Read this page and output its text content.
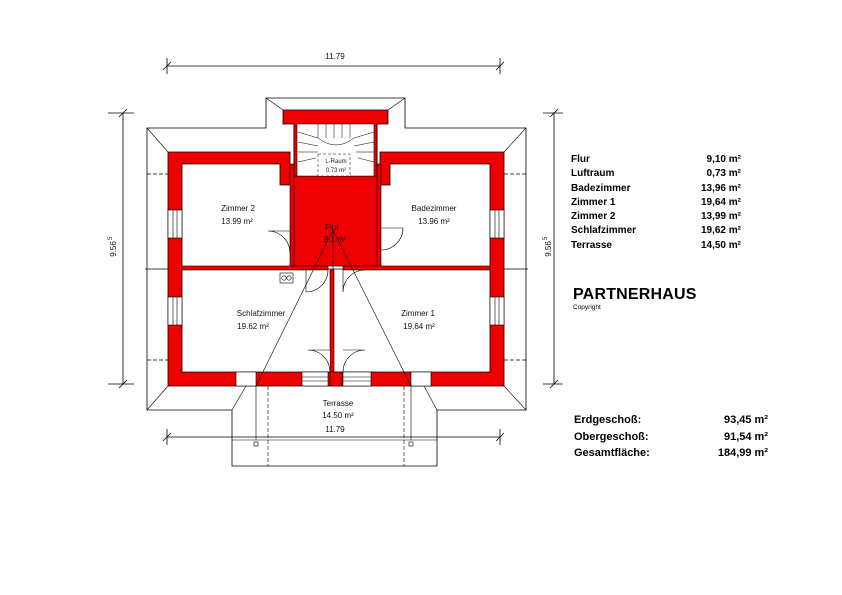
11.79
11.79
9.56
5
9.56
5
L-Raum
0.73 m²
Zimmer 2
13.99 m²
Flur
9.1 m²
Badezimmer
13.96 m²
Schlafzimmer
19.62 m²
Zimmer 1
19.64 m²
Terrasse
14.50 m²
Flur	9,10 m²
Luftraum	0,73 m²
Badezimmer	13,96 m²
Zimmer 1	19,64 m²
Zimmer 2	13,99 m²
Schlafzimmer	19,62 m²
Terrasse	14,50 m²
PARTNERHAUS
Copyright
Erdgeschoß:	93,45 m²
Obergeschoß:	91,54 m²
Gesamtfläche:	184,99 m²
